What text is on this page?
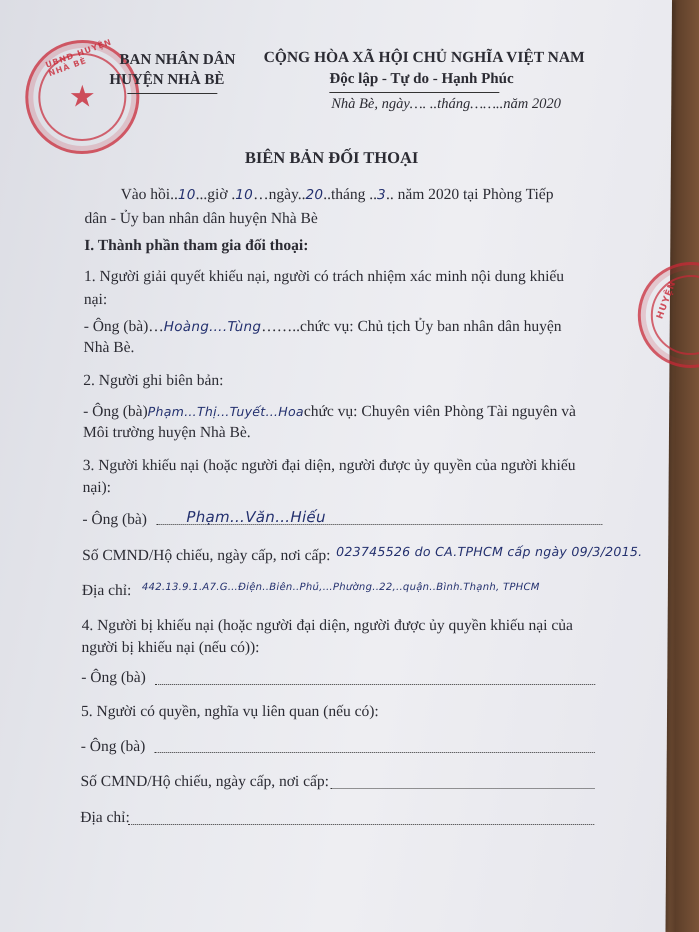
★
UBND HUYỆN NHÀ BÈ
HUYỆN
BAN NHÂN DÂN
HUYỆN NHÀ BÈ
CỘNG HÒA XÃ HỘI CHỦ NGHĨA VIỆT NAM
Độc lập - Tự do - Hạnh Phúc
Nhà Bè, ngày…. ..tháng……..năm 2020
BIÊN BẢN ĐỐI THOẠI
Vào hồi..10...giờ .10…ngày..20..tháng ..3.. năm 2020 tại Phòng Tiếp
dân - Ủy ban nhân dân huyện Nhà Bè
I. Thành phần tham gia đối thoại:
1. Người giải quyết khiếu nại, người có trách nhiệm xác minh nội dung khiếu
nại:
- Ông (bà)…Hoàng….Tùng……..chức vụ: Chủ tịch Ủy ban nhân dân huyện
Nhà Bè.
2. Người ghi biên bản:
- Ông (bà)Phạm…Thị…Tuyết…Hoachức vụ: Chuyên viên Phòng Tài nguyên và
Môi trường huyện Nhà Bè.
3. Người khiếu nại (hoặc người đại diện, người được ủy quyền của người khiếu
nại):
- Ông (bà)	Phạm…Văn…Hiếu
Số CMND/Hộ chiếu, ngày cấp, nơi cấp: 023745526 do CA.TPHCM cấp ngày 09/3/2015.
Địa chỉ: 442.13.9.1.A7.G…Điện..Biên..Phủ,…Phường..22,..quận..Bình.Thạnh, TPHCM
4. Người bị khiếu nại (hoặc người đại diện, người được ủy quyền khiếu nại của
người bị khiếu nại (nếu có)):
- Ông (bà)
5. Người có quyền, nghĩa vụ liên quan (nếu có):
- Ông (bà)
Số CMND/Hộ chiếu, ngày cấp, nơi cấp:
Địa chỉ:
